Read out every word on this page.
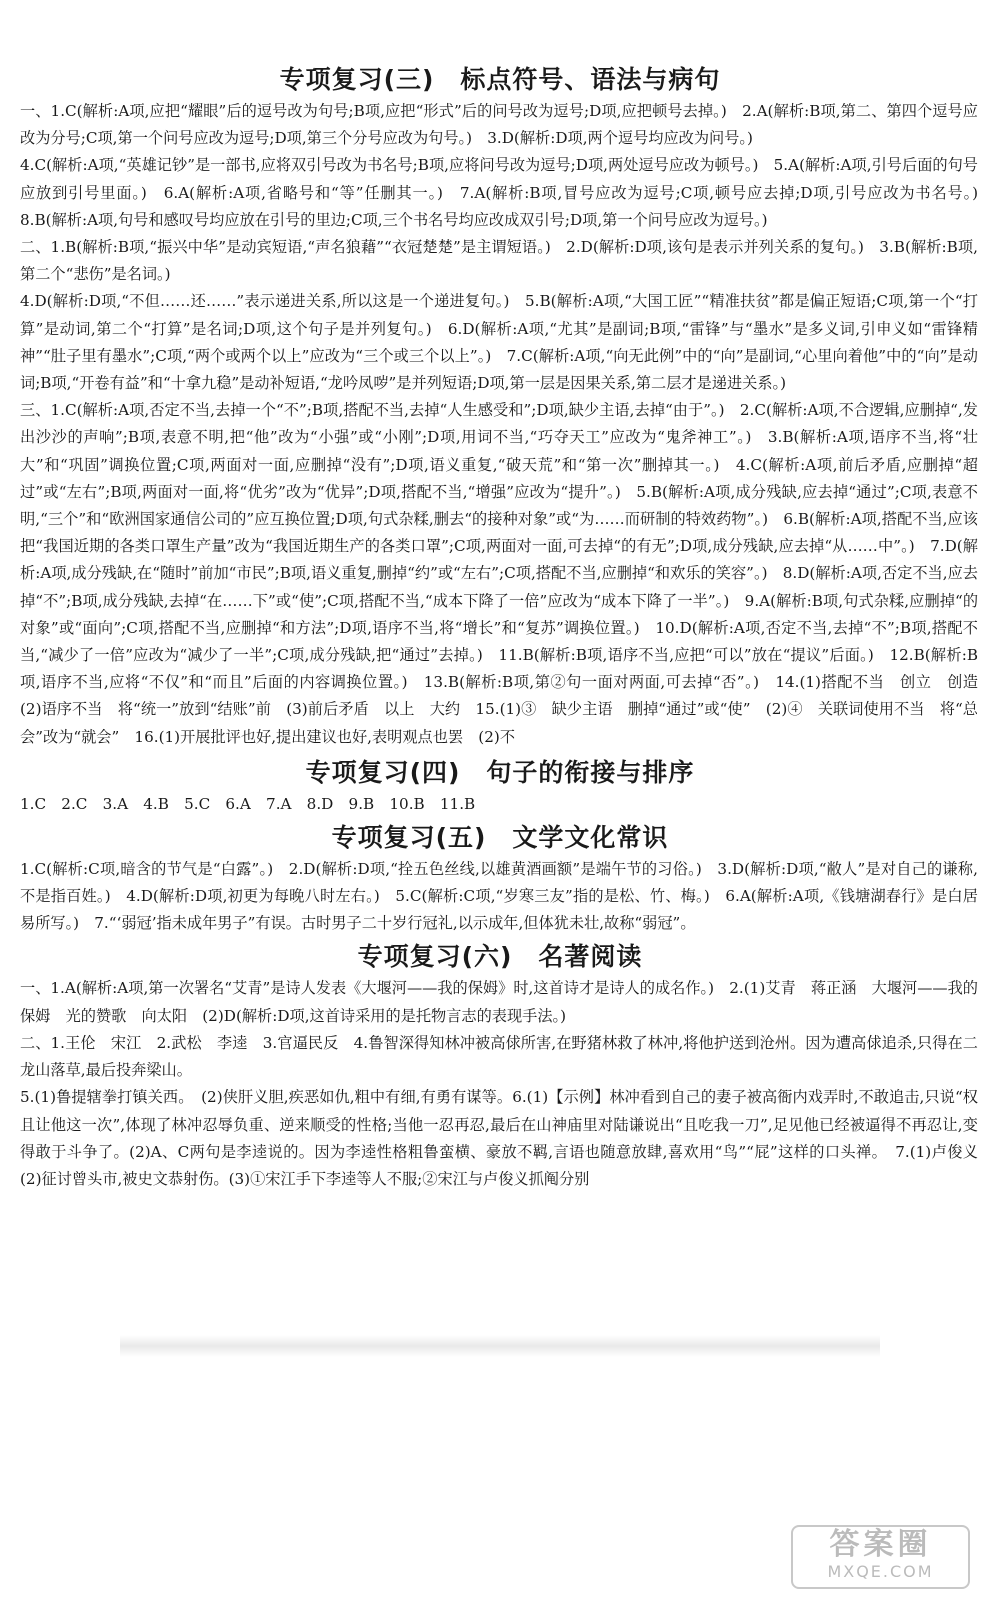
专项复习(三)　标点符号、语法与病句

一、1.C(解析:A项,应把“耀眼”后的逗号改为句号;B项,应把“形式”后的问号改为逗号;D项,应把顿号去掉。)　2.A(解析:B项,第二、第四个逗号应改为分号;C项,第一个问号应改为逗号;D项,第三个分号应改为句号。)　3.D(解析:D项,两个逗号均应改为问号。)

4.C(解析:A项,“英雄记钞”是一部书,应将双引号改为书名号;B项,应将问号改为逗号;D项,两处逗号应改为顿号。)　5.A(解析:A项,引号后面的句号应放到引号里面。)　6.A(解析:A项,省略号和“等”任删其一。)　7.A(解析:B项,冒号应改为逗号;C项,顿号应去掉;D项,引号应改为书名号。)　8.B(解析:A项,句号和感叹号均应放在引号的里边;C项,三个书名号均应改成双引号;D项,第一个问号应改为逗号。)

二、1.B(解析:B项,“振兴中华”是动宾短语,“声名狼藉”“衣冠楚楚”是主谓短语。)　2.D(解析:D项,该句是表示并列关系的复句。)　3.B(解析:B项,第二个“悲伤”是名词。)

4.D(解析:D项,“不但……还……”表示递进关系,所以这是一个递进复句。)　5.B(解析:A项,“大国工匠”“精准扶贫”都是偏正短语;C项,第一个“打算”是动词,第二个“打算”是名词;D项,这个句子是并列复句。)　6.D(解析:A项,“尤其”是副词;B项,“雷锋”与“墨水”是多义词,引申义如“雷锋精神”“肚子里有墨水”;C项,“两个或两个以上”应改为“三个或三个以上”。)　7.C(解析:A项,“向无此例”中的“向”是副词,“心里向着他”中的“向”是动词;B项,“开卷有益”和“十拿九稳”是动补短语,“龙吟凤哕”是并列短语;D项,第一层是因果关系,第二层才是递进关系。)

三、1.C(解析:A项,否定不当,去掉一个“不”;B项,搭配不当,去掉“人生感受和”;D项,缺少主语,去掉“由于”。)　2.C(解析:A项,不合逻辑,应删掉“,发出沙沙的声响”;B项,表意不明,把“他”改为“小强”或“小刚”;D项,用词不当,“巧夺天工”应改为“鬼斧神工”。)　3.B(解析:A项,语序不当,将“壮大”和“巩固”调换位置;C项,两面对一面,应删掉“没有”;D项,语义重复,“破天荒”和“第一次”删掉其一。)　4.C(解析:A项,前后矛盾,应删掉“超过”或“左右”;B项,两面对一面,将“优劣”改为“优异”;D项,搭配不当,“增强”应改为“提升”。)　5.B(解析:A项,成分残缺,应去掉“通过”;C项,表意不明,“三个”和“欧洲国家通信公司的”应互换位置;D项,句式杂糅,删去“的接种对象”或“为……而研制的特效药物”。)　6.B(解析:A项,搭配不当,应该把“我国近期的各类口罩生产量”改为“我国近期生产的各类口罩”;C项,两面对一面,可去掉“的有无”;D项,成分残缺,应去掉“从……中”。)　7.D(解析:A项,成分残缺,在“随时”前加“市民”;B项,语义重复,删掉“约”或“左右”;C项,搭配不当,应删掉“和欢乐的笑容”。)　8.D(解析:A项,否定不当,应去掉“不”;B项,成分残缺,去掉“在……下”或“使”;C项,搭配不当,“成本下降了一倍”应改为“成本下降了一半”。)　9.A(解析:B项,句式杂糅,应删掉“的对象”或“面向”;C项,搭配不当,应删掉“和方法”;D项,语序不当,将“增长”和“复苏”调换位置。)　10.D(解析:A项,否定不当,去掉“不”;B项,搭配不当,“减少了一倍”应改为“减少了一半”;C项,成分残缺,把“通过”去掉。)　11.B(解析:B项,语序不当,应把“可以”放在“提议”后面。)　12.B(解析:B项,语序不当,应将“不仅”和“而且”后面的内容调换位置。)　13.B(解析:B项,第②句一面对两面,可去掉“否”。)　14.(1)搭配不当　创立　创造　(2)语序不当　将“统一”放到“结账”前　(3)前后矛盾　以上　大约　15.(1)③　缺少主语　删掉“通过”或“使”　(2)④　关联词使用不当　将“总会”改为“就会”　16.(1)开展批评也好,提出建议也好,表明观点也罢　(2)不

专项复习(四)　句子的衔接与排序

1.C　2.C　3.A　4.B　5.C　6.A　7.A　8.D　9.B　10.B　11.B

专项复习(五)　文学文化常识

1.C(解析:C项,暗含的节气是“白露”。)　2.D(解析:D项,“拴五色丝线,以雄黄酒画额”是端午节的习俗。)　3.D(解析:D项,“敝人”是对自己的谦称,不是指百姓。)　4.D(解析:D项,初更为每晚八时左右。)　5.C(解析:C项,“岁寒三友”指的是松、竹、梅。)　6.A(解析:A项,《钱塘湖春行》是白居易所写。)　7.“‘弱冠’指未成年男子”有误。古时男子二十岁行冠礼,以示成年,但体犹未壮,故称“弱冠”。

专项复习(六)　名著阅读

一、1.A(解析:A项,第一次署名“艾青”是诗人发表《大堰河——我的保姆》时,这首诗才是诗人的成名作。)　2.(1)艾青　蒋正涵　大堰河——我的保姆　光的赞歌　向太阳　(2)D(解析:D项,这首诗采用的是托物言志的表现手法。)

二、1.王伦　宋江　2.武松　李逵　3.官逼民反　4.鲁智深得知林冲被高俅所害,在野猪林救了林冲,将他护送到沧州。因为遭高俅追杀,只得在二龙山落草,最后投奔梁山。

5.(1)鲁提辖拳打镇关西。　(2)侠肝义胆,疾恶如仇,粗中有细,有勇有谋等。6.(1)【示例】林冲看到自己的妻子被高衙内戏弄时,不敢追击,只说“权且让他这一次”,体现了林冲忍辱负重、逆来顺受的性格;当他一忍再忍,最后在山神庙里对陆谦说出“且吃我一刀”,足见他已经被逼得不再忍让,变得敢于斗争了。(2)A、C两句是李逵说的。因为李逵性格粗鲁蛮横、豪放不羁,言语也随意放肆,喜欢用“鸟”“屁”这样的口头禅。　7.(1)卢俊义　(2)征讨曾头市,被史文恭射伤。(3)①宋江手下李逵等人不服;②宋江与卢俊义抓阄分别

答案圈
MXQE.COM
